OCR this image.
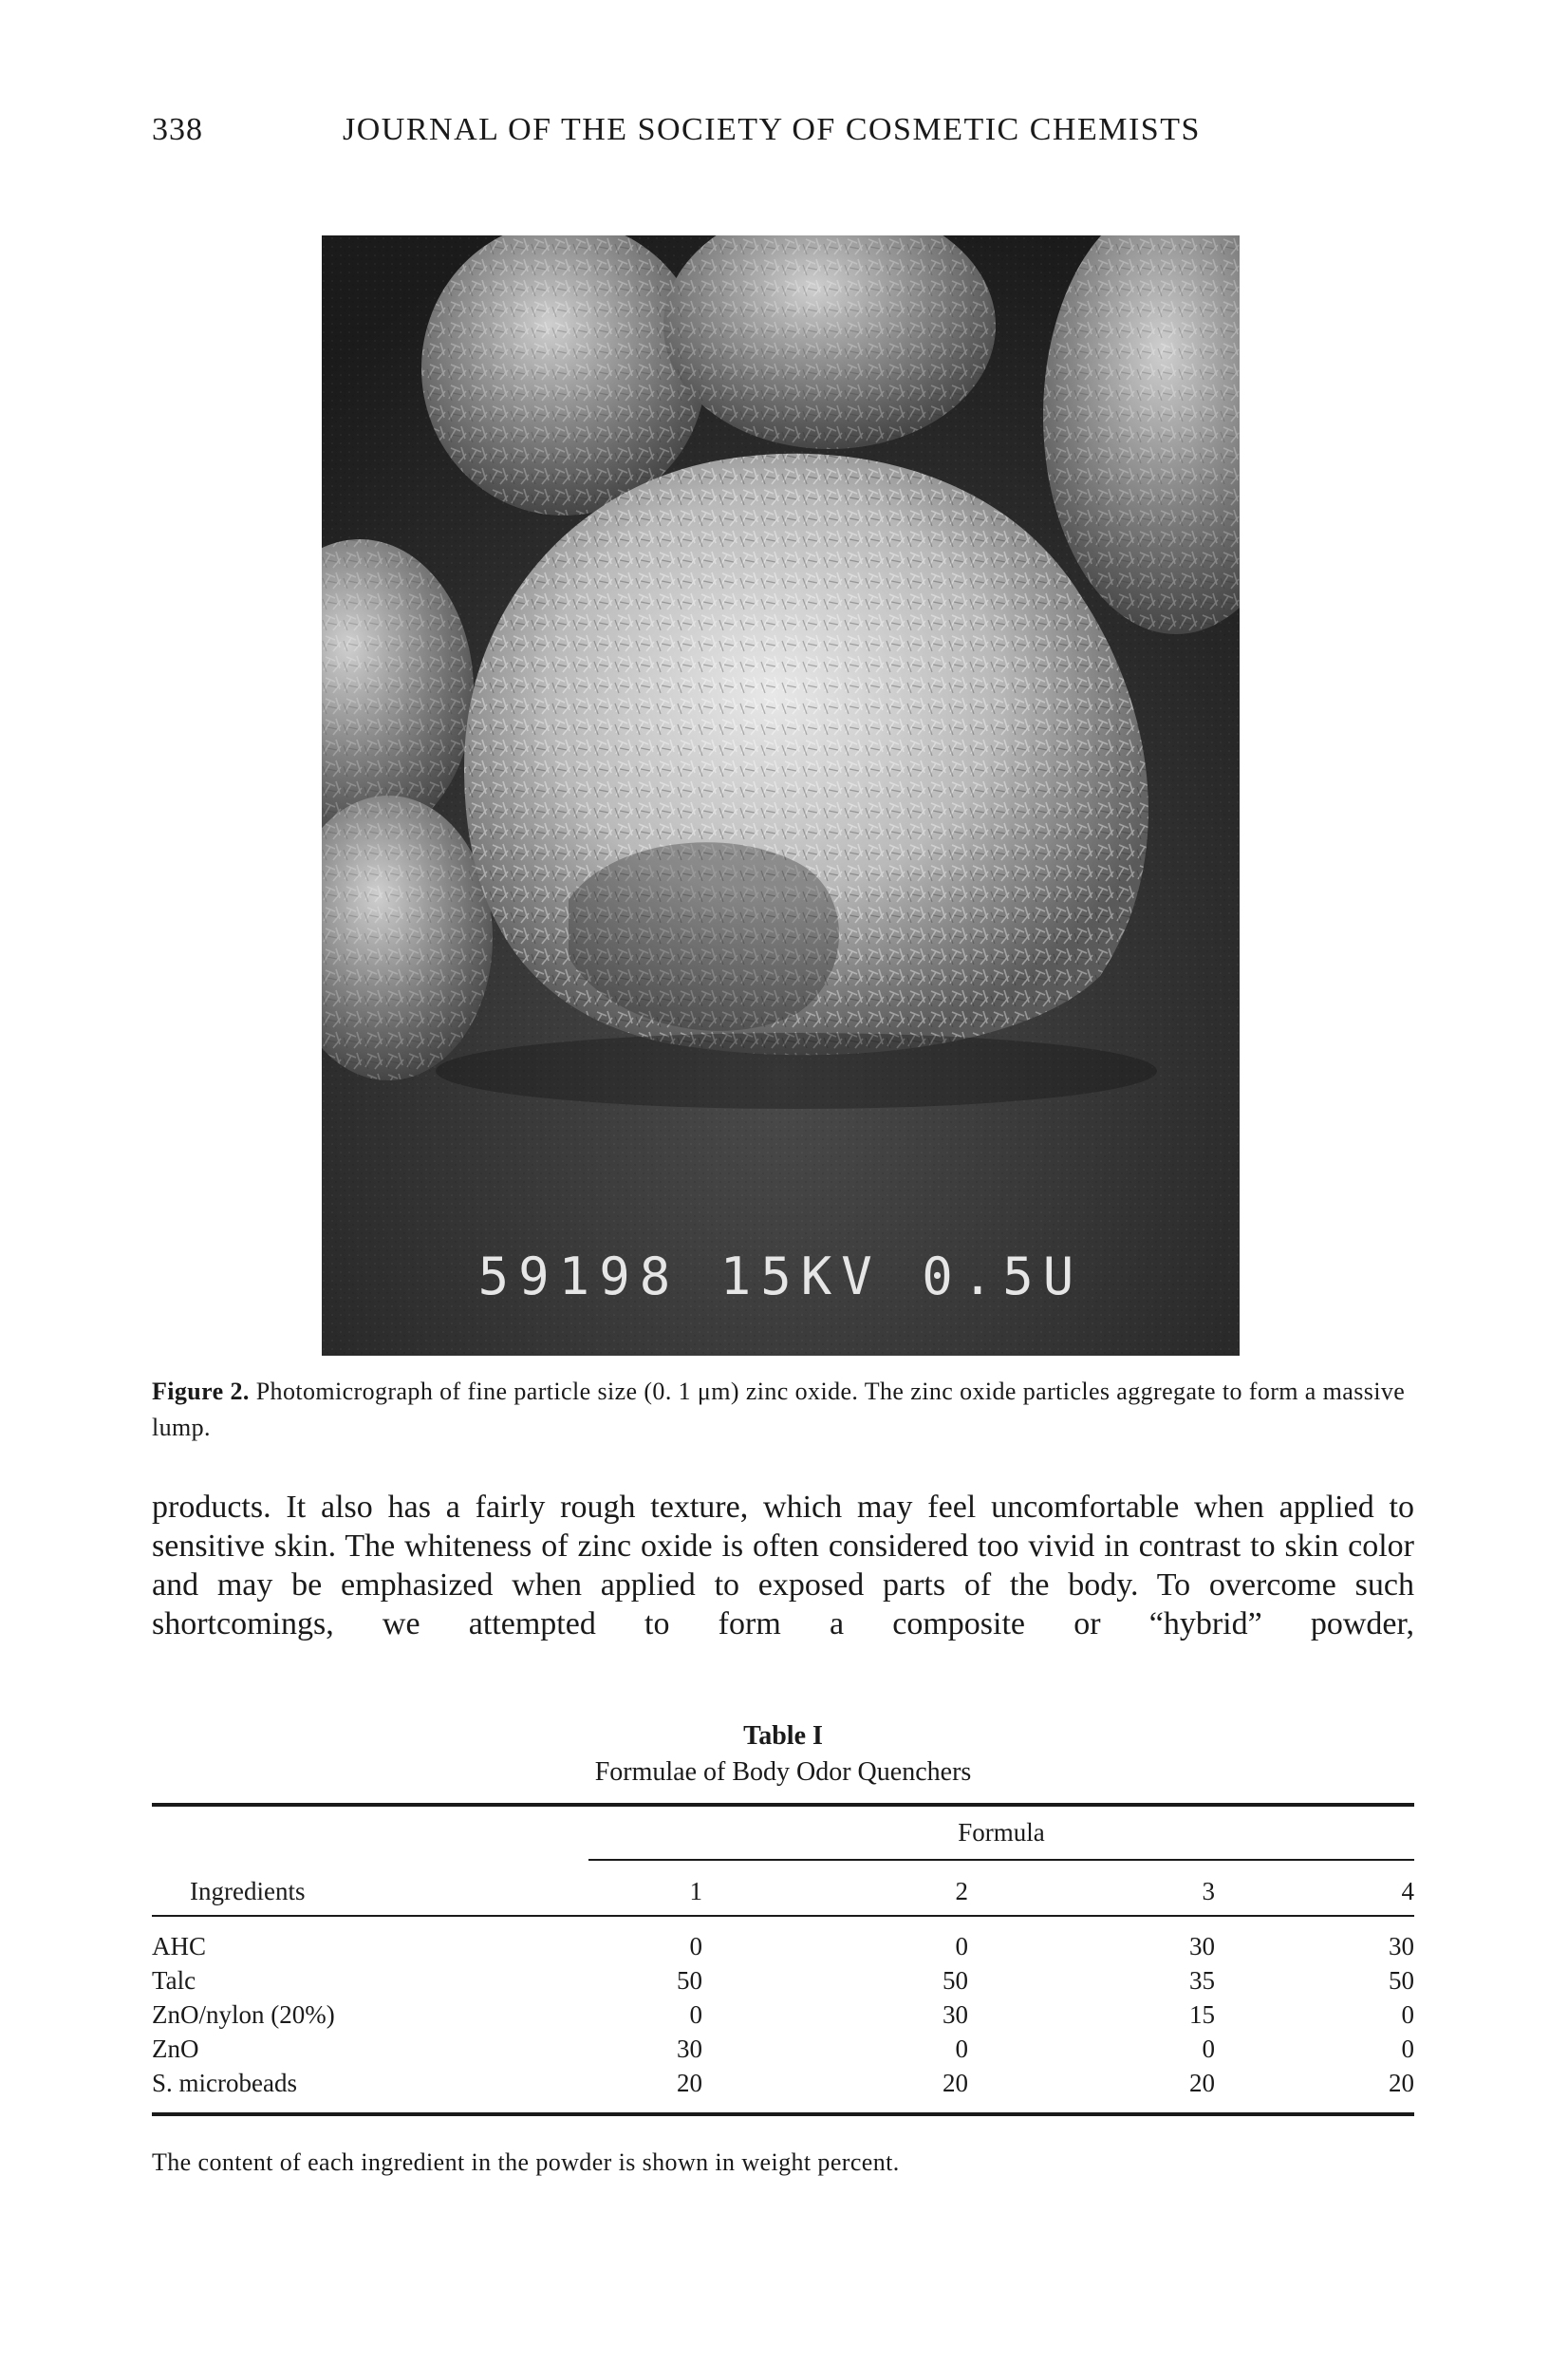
338	JOURNAL OF THE SOCIETY OF COSMETIC CHEMISTS
59198 15KV 0.5U
Figure 2. Photomicrograph of fine particle size (0. 1 μm) zinc oxide. The zinc oxide particles aggregate to form a massive lump.

products. It also has a fairly rough texture, which may feel uncomfortable when applied to sensitive skin. The whiteness of zinc oxide is often considered too vivid in contrast to skin color and may be emphasized when applied to exposed parts of the body. To overcome such shortcomings, we attempted to form a composite or “hybrid” powder,

Table I
Formulae of Body Odor Quenchers
Formula
Ingredients	1	2	3	4
AHC	0	0	30	30
Talc	50	50	35	50
ZnO/nylon (20%)	0	30	15	0
ZnO	30	0	0	0
S. microbeads	20	20	20	20
The content of each ingredient in the powder is shown in weight percent.
